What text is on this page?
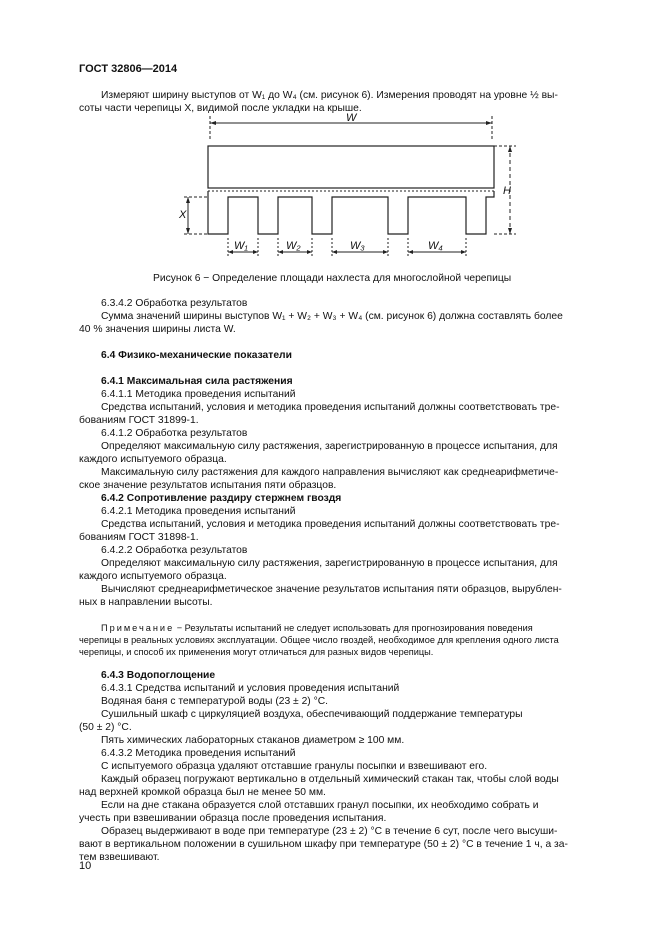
ГОСТ 32806—2014
Измеряют ширину выступов от W₁ до W₄ (см. рисунок 6). Измерения проводят на уровне ½ вы-
соты части черепицы X, видимой после укладки на крыше.
W
H
X
W₁	W₂	W₃	W₄
Рисунок 6 − Определение площади нахлеста для многослойной черепицы
6.3.4.2 Обработка результатов
Сумма значений ширины выступов W₁ + W₂ + W₃ + W₄ (см. рисунок 6) должна составлять более
40 % значения ширины листа W.
6.4 Физико-механические показатели
6.4.1 Максимальная сила растяжения
6.4.1.1 Методика проведения испытаний
Средства испытаний, условия и методика проведения испытаний должны соответствовать тре-
бованиям ГОСТ 31899-1.
6.4.1.2 Обработка результатов
Определяют максимальную силу растяжения, зарегистрированную в процессе испытания, для
каждого испытуемого образца.
Максимальную силу растяжения для каждого направления вычисляют как среднеарифметиче-
ское значение результатов испытания пяти образцов.
6.4.2 Сопротивление раздиру стержнем гвоздя
6.4.2.1 Методика проведения испытаний
Средства испытаний, условия и методика проведения испытаний должны соответствовать тре-
бованиям ГОСТ 31898-1.
6.4.2.2 Обработка результатов
Определяют максимальную силу растяжения, зарегистрированную в процессе испытания, для
каждого испытуемого образца.
Вычисляют среднеарифметическое значение результатов испытания пяти образцов, вырублен-
ных в направлении высоты.
Примечание − Результаты испытаний не следует использовать для прогнозирования поведения
черепицы в реальных условиях эксплуатации. Общее число гвоздей, необходимое для крепления одного листа
черепицы, и способ их применения могут отличаться для разных видов черепицы.
6.4.3 Водопоглощение
6.4.3.1 Средства испытаний и условия проведения испытаний
Водяная баня с температурой воды (23 ± 2) °C.
Сушильный шкаф с циркуляцией воздуха, обеспечивающий поддержание температуры
(50 ± 2) °C.
Пять химических лабораторных стаканов диаметром ≥ 100 мм.
6.4.3.2 Методика проведения испытаний
С испытуемого образца удаляют отставшие гранулы посыпки и взвешивают его.
Каждый образец погружают вертикально в отдельный химический стакан так, чтобы слой воды
над верхней кромкой образца был не менее 50 мм.
Если на дне стакана образуется слой отставших гранул посыпки, их необходимо собрать и
учесть при взвешивании образца после проведения испытания.
Образец выдерживают в воде при температуре (23 ± 2) °C в течение 6 сут, после чего высуши-
вают в вертикальном положении в сушильном шкафу при температуре (50 ± 2) °C в течение 1 ч, а за-
тем взвешивают.
10
